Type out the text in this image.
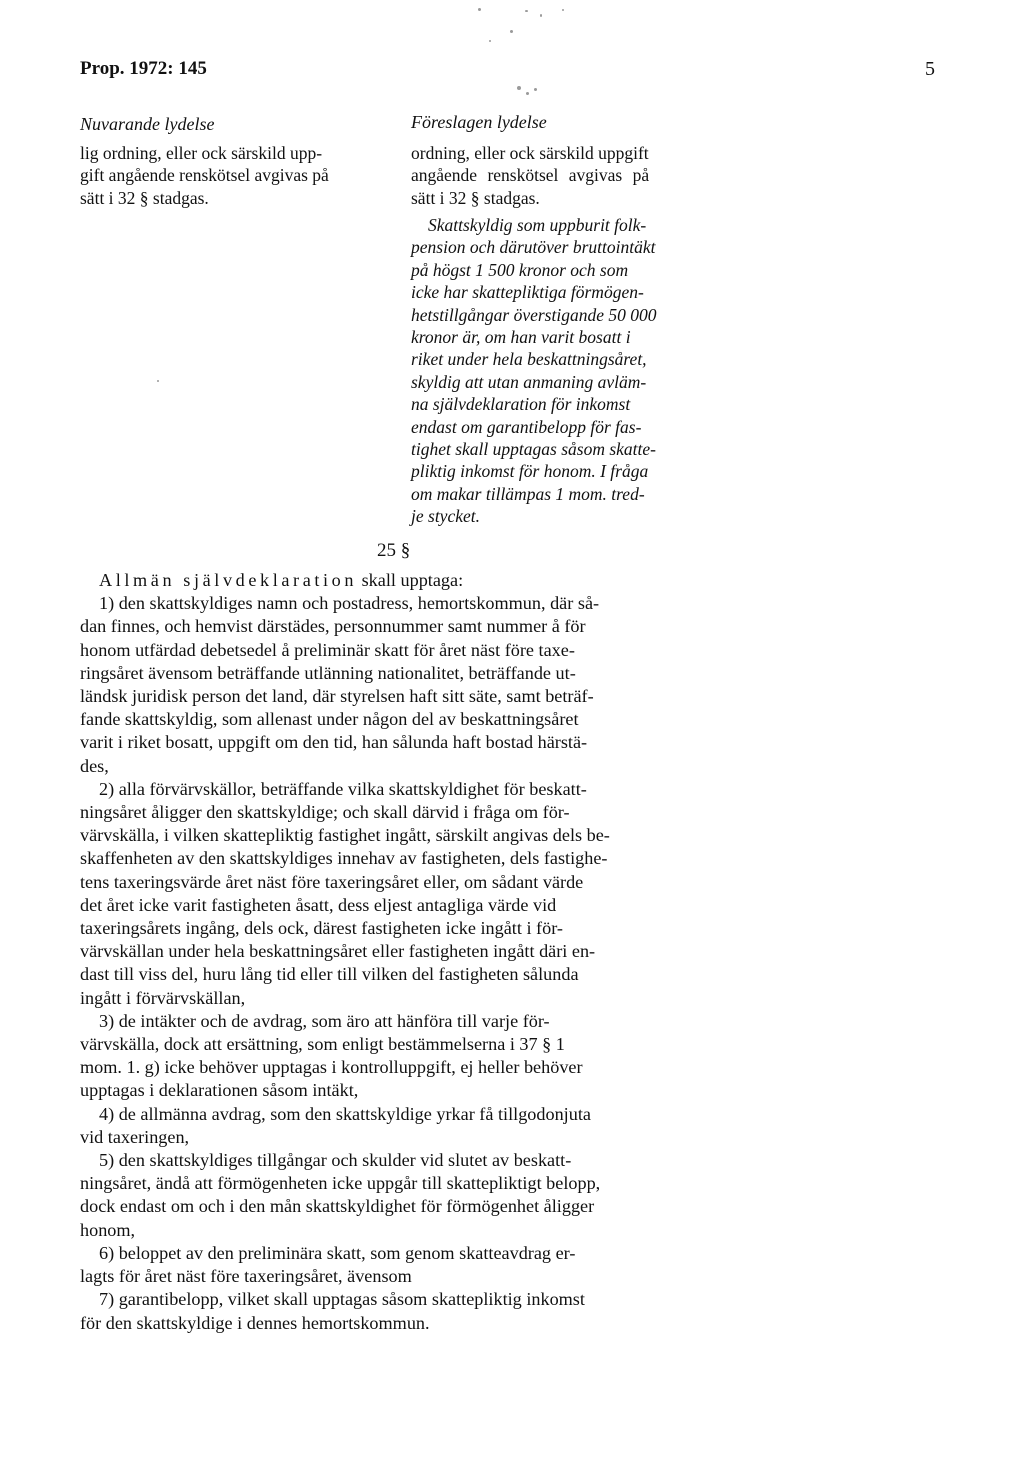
Prop. 1972: 145	5
Nuvarande lydelse	Föreslagen lydelse
lig ordning, eller ock särskild upp-
gift angående renskötsel avgivas på
sätt i 32 § stadgas.
ordning, eller ock särskild uppgift
angående renskötsel avgivas på
sätt i 32 § stadgas.
Skattskyldig som uppburit folk-
pension och därutöver bruttointäkt
på högst 1 500 kronor och som
icke har skattepliktiga förmögen-
hetstillgångar överstigande 50 000
kronor är, om han varit bosatt i
riket under hela beskattningsåret,
skyldig att utan anmaning avläm-
na självdeklaration för inkomst
endast om garantibelopp för fas-
tighet skall upptagas såsom skatte-
pliktig inkomst för honom. I fråga
om makar tillämpas 1 mom. tred-
je stycket.
25 §
Allmän självdeklaration skall upptaga:
1) den skattskyldiges namn och postadress, hemortskommun, där så-
dan finnes, och hemvist därstädes, personnummer samt nummer å för
honom utfärdad debetsedel å preliminär skatt för året näst före taxe-
ringsåret ävensom beträffande utlänning nationalitet, beträffande ut-
ländsk juridisk person det land, där styrelsen haft sitt säte, samt beträf-
fande skattskyldig, som allenast under någon del av beskattningsåret
varit i riket bosatt, uppgift om den tid, han sålunda haft bostad härstä-
des,
2) alla förvärvskällor, beträffande vilka skattskyldighet för beskatt-
ningsåret åligger den skattskyldige; och skall därvid i fråga om för-
värvskälla, i vilken skattepliktig fastighet ingått, särskilt angivas dels be-
skaffenheten av den skattskyldiges innehav av fastigheten, dels fastighe-
tens taxeringsvärde året näst före taxeringsåret eller, om sådant värde
det året icke varit fastigheten åsatt, dess eljest antagliga värde vid
taxeringsårets ingång, dels ock, därest fastigheten icke ingått i för-
värvskällan under hela beskattningsåret eller fastigheten ingått däri en-
dast till viss del, huru lång tid eller till vilken del fastigheten sålunda
ingått i förvärvskällan,
3) de intäkter och de avdrag, som äro att hänföra till varje för-
värvskälla, dock att ersättning, som enligt bestämmelserna i 37 § 1
mom. 1. g) icke behöver upptagas i kontrolluppgift, ej heller behöver
upptagas i deklarationen såsom intäkt,
4) de allmänna avdrag, som den skattskyldige yrkar få tillgodonjuta
vid taxeringen,
5) den skattskyldiges tillgångar och skulder vid slutet av beskatt-
ningsåret, ändå att förmögenheten icke uppgår till skattepliktigt belopp,
dock endast om och i den mån skattskyldighet för förmögenhet åligger
honom,
6) beloppet av den preliminära skatt, som genom skatteavdrag er-
lagts för året näst före taxeringsåret, ävensom
7) garantibelopp, vilket skall upptagas såsom skattepliktig inkomst
för den skattskyldige i dennes hemortskommun.
